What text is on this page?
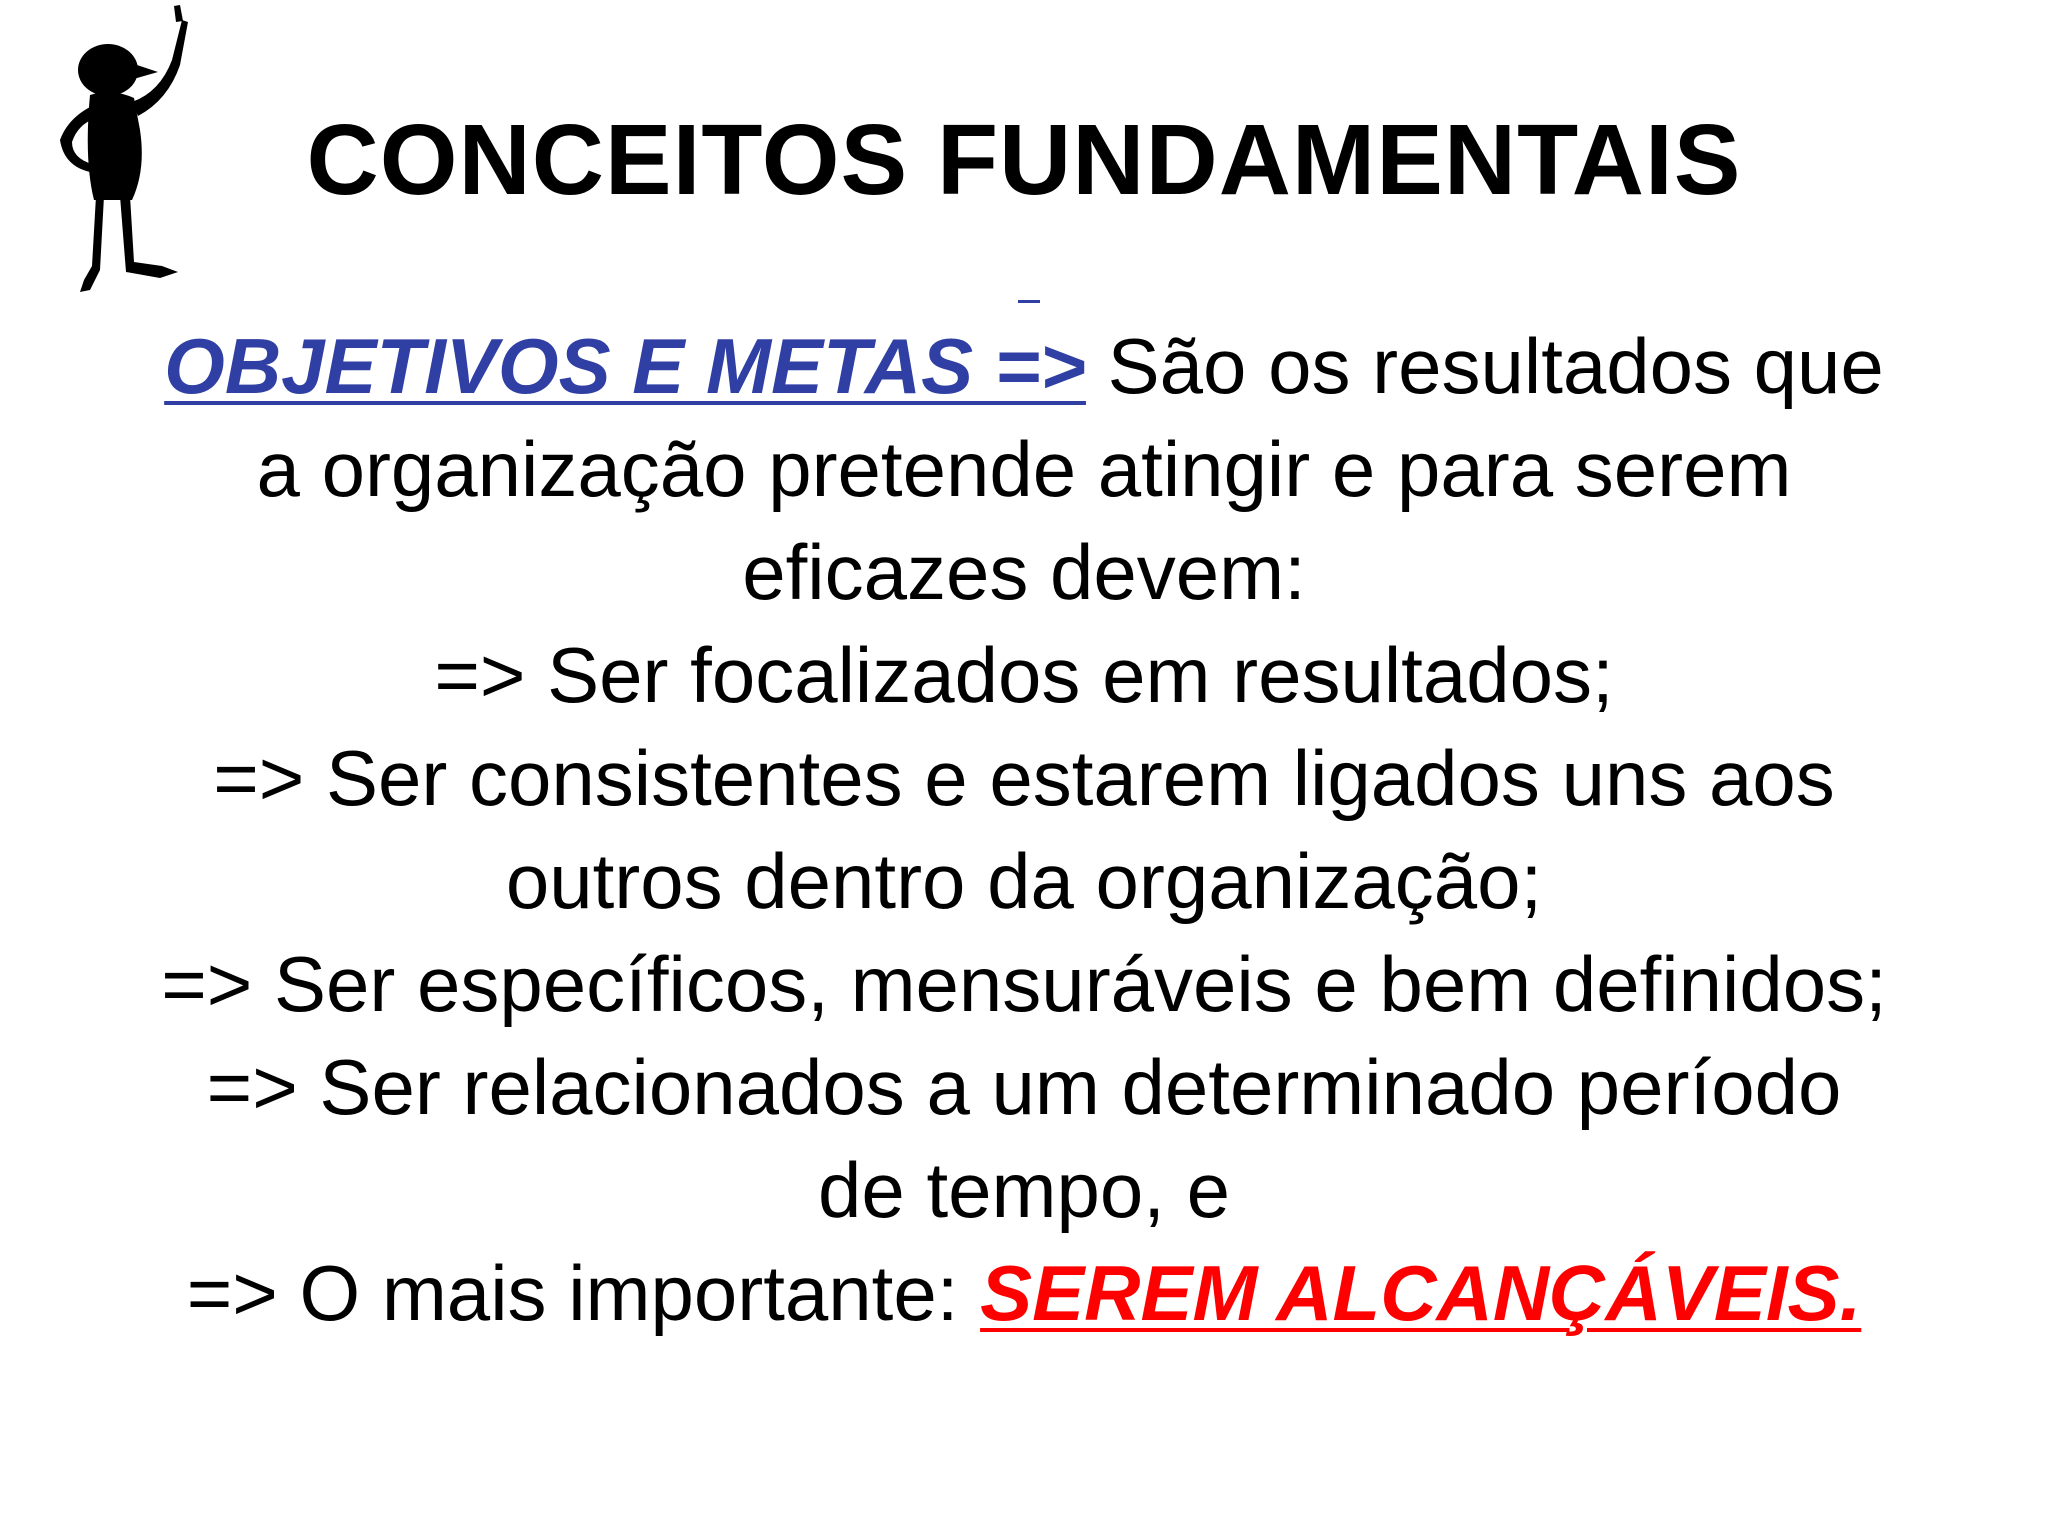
CONCEITOS FUNDAMENTAIS
OBJETIVOS E METAS => São os resultados que
a organização pretende atingir e para serem
eficazes devem:
=> Ser focalizados em resultados;
=> Ser consistentes e estarem ligados uns aos
outros dentro da organização;
=> Ser específicos, mensuráveis e bem definidos;
=> Ser relacionados a um determinado período
de tempo, e
=> O mais importante: SEREM ALCANÇÁVEIS.
